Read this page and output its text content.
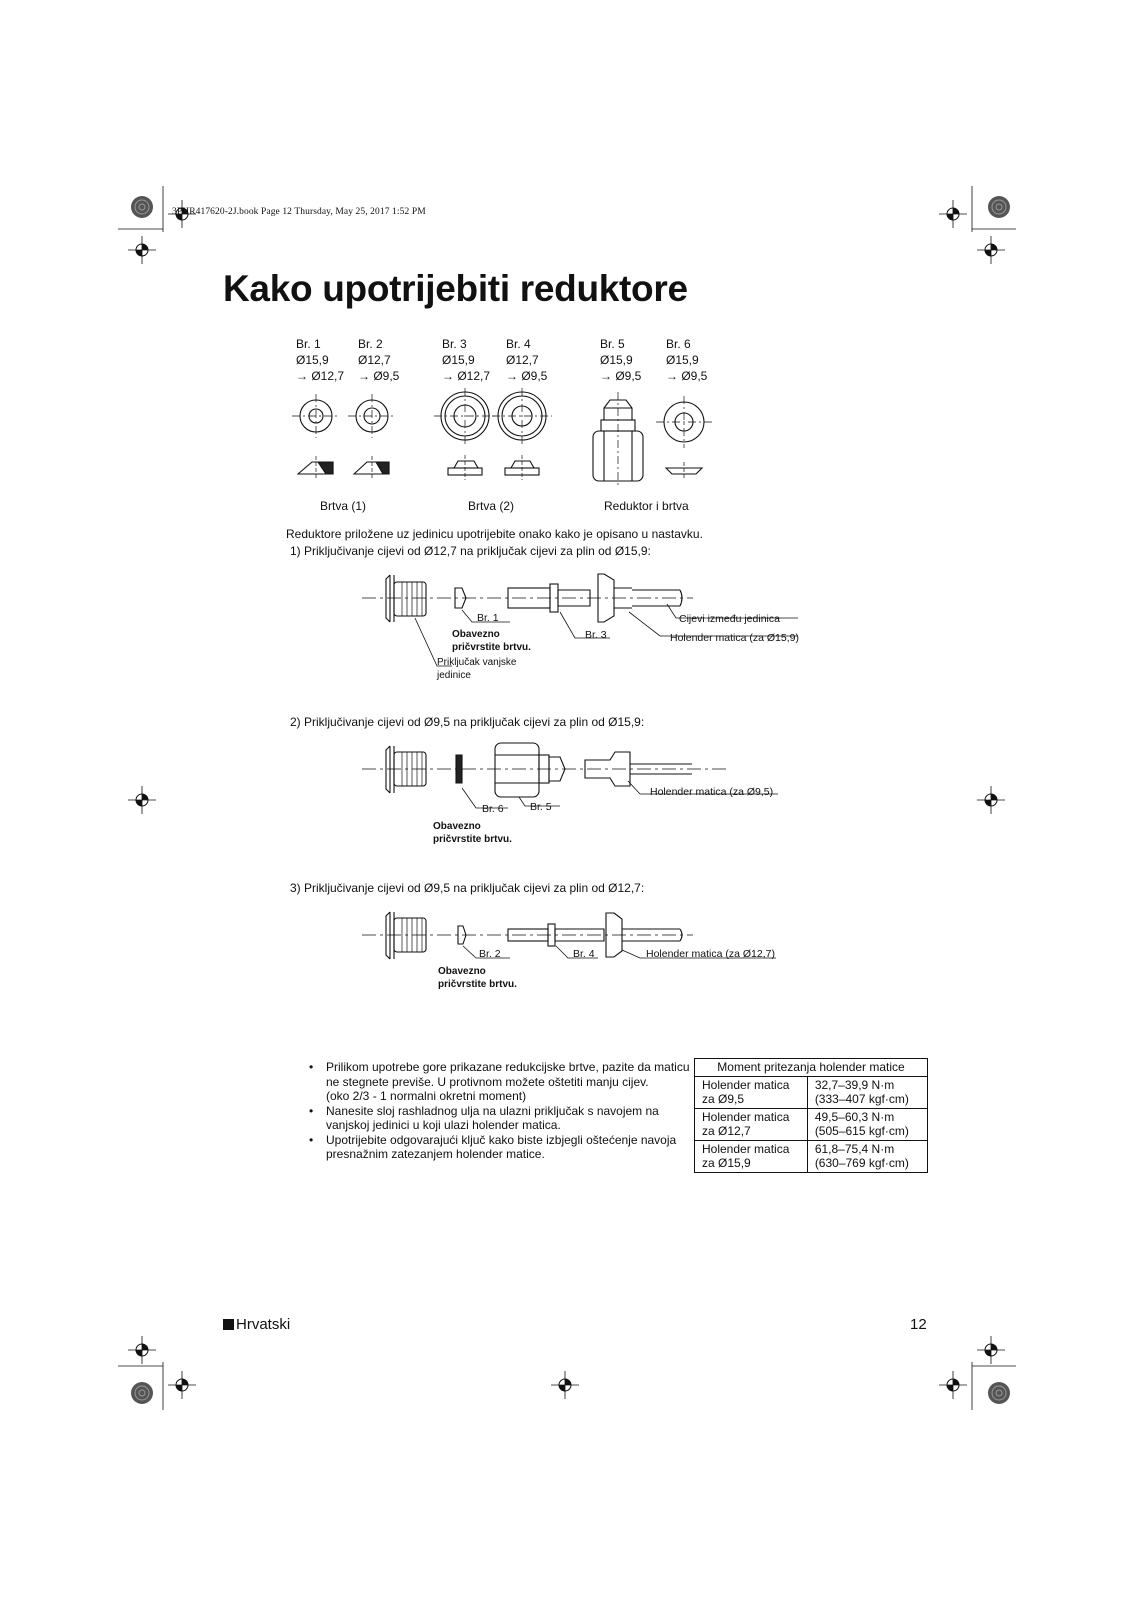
3PHR417620-2J.book Page 12 Thursday, May 25, 2017 1:52 PM
Kako upotrijebiti reduktore
Br. 1
Ø15,9
→ Ø12,7
Br. 2
Ø12,7
→ Ø9,5
Br. 3
Ø15,9
→ Ø12,7
Br. 4
Ø12,7
→ Ø9,5
Br. 5
Ø15,9
→ Ø9,5
Br. 6
Ø15,9
→ Ø9,5
Brtva (1)	Brtva (2)	Reduktor i brtva
Reduktore priložene uz jedinicu upotrijebite onako kako je opisano u nastavku.
1) Priključivanje cijevi od Ø12,7 na priključak cijevi za plin od Ø15,9:
Br. 1
Obavezno
pričvrstite brtvu.
Br. 3
Cijevi između jedinica
Holender matica (za Ø15,9)
Priključak vanjske
jedinice
2) Priključivanje cijevi od Ø9,5 na priključak cijevi za plin od Ø15,9:
Br. 6	Br. 5
Obavezno
pričvrstite brtvu.
Holender matica (za Ø9,5)
3) Priključivanje cijevi od Ø9,5 na priključak cijevi za plin od Ø12,7:
Br. 2	Br. 4
Obavezno
pričvrstite brtvu.
Holender matica (za Ø12,7)
• Prilikom upotrebe gore prikazane redukcijske brtve, pazite da maticu
ne stegnete previše. U protivnom možete oštetiti manju cijev.
(oko 2/3 - 1 normalni okretni moment)
• Nanesite sloj rashladnog ulja na ulazni priključak s navojem na
vanjskoj jedinici u koji ulazi holender matica.
• Upotrijebite odgovarajući ključ kako biste izbjegli oštećenje navoja
presnažnim zatezanjem holender matice.
Moment pritezanja holender matice	
Holender matica
za Ø9,5	32,7–39,9 N·m
(333–407 kgf·cm)
Holender matica
za Ø12,7	49,5–60,3 N·m
(505–615 kgf·cm)
Holender matica
za Ø15,9	61,8–75,4 N·m
(630–769 kgf·cm)
Hrvatski	12
